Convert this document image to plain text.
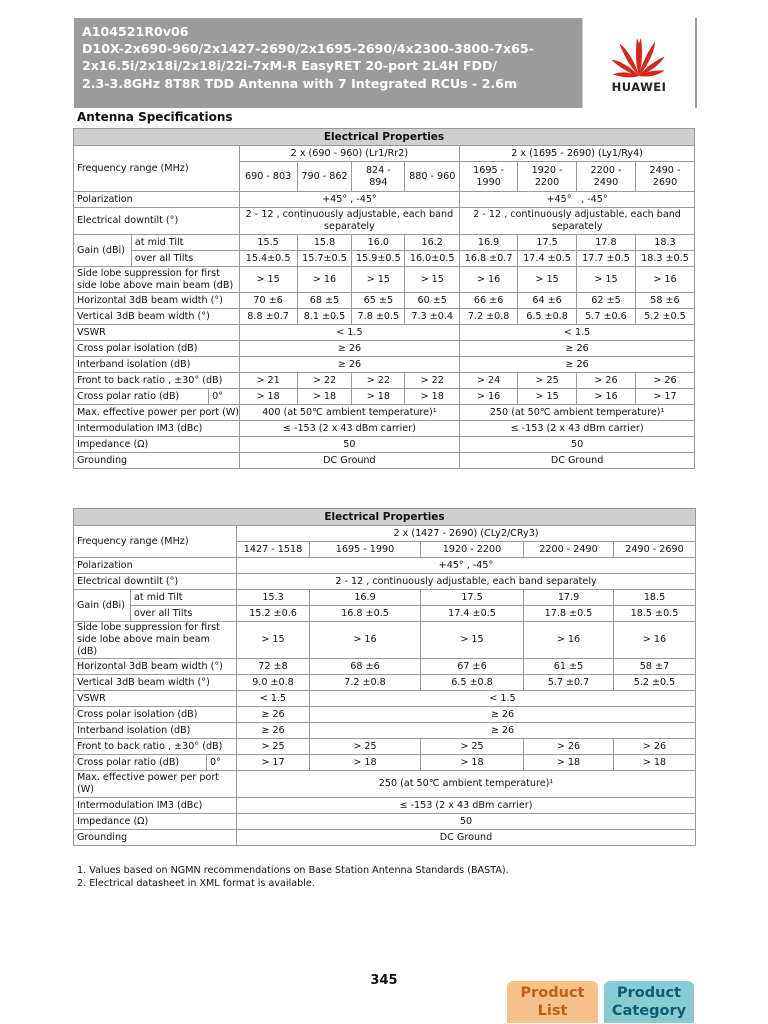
A104521R0v06
D10X-2x690-960/2x1427-2690/2x1695-2690/4x2300-3800-7x65-
2x16.5i/2x18i/2x18i/22i-7xM-R EasyRET 20-port 2L4H FDD/
2.3-3.8GHz 8T8R TDD Antenna with 7 Integrated RCUs - 2.6m	HUAWEI
Antenna Specifications
Electrical Properties										
Frequency range (MHz)			2 x (690 - 960) (Lr1/Rr2)				2 x (1695 - 2690) (Ly1/Ry4)			
			690 - 803	790 - 862	824 - 894	880 - 960	1695 - 1990	1920 - 2200	2200 - 2490	2490 - 2690
Polarization			+45° , -45°				+45°　, -45°			
Electrical downtilt (°)			2 - 12 , continuously adjustable, each band separately				2 - 12 , continuously adjustable, each band separately			
Gain (dBi)	at mid Tilt		15.5	15.8	16.0	16.2	16.9	17.5	17.8	18.3
	over all Tilts		15.4±0.5	15.7±0.5	15.9±0.5	16.0±0.5	16.8 ±0.7	17.4 ±0.5	17.7 ±0.5	18.3 ±0.5
Side lobe suppression for first side lobe above main beam (dB)			> 15	> 16	> 15	> 15	> 16	> 15	> 15	> 16
Horizontal 3dB beam width (°)			70 ±6	68 ±5	65 ±5	60 ±5	66 ±6	64 ±6	62 ±5	58 ±6
Vertical 3dB beam width (°)			8.8 ±0.7	8.1 ±0.5	7.8 ±0.5	7.3 ±0.4	7.2 ±0.8	6.5 ±0.8	5.7 ±0.6	5.2 ±0.5
VSWR			< 1.5				< 1.5			
Cross polar isolation (dB)			≥ 26				≥ 26			
Interband isolation (dB)			≥ 26				≥ 26			
Front to back ratio , ±30° (dB)			> 21	> 22	> 22	> 22	> 24	> 25	> 26	> 26
Cross polar ratio (dB)		0°	> 18	> 18	> 18	> 18	> 16	> 15	> 16	> 17
Max. effective power per port (W)			400 (at 50℃ ambient temperature)¹				250 (at 50℃ ambient temperature)¹			
Intermodulation IM3 (dBc)			≤ -153 (2 x 43 dBm carrier)				≤ -153 (2 x 43 dBm carrier)			
Impedance (Ω)			50				50			
Grounding			DC Ground				DC Ground			
Electrical Properties							
Frequency range (MHz)			2 x (1427 - 2690) (CLy2/CRy3)				
			1427 - 1518	1695 - 1990	1920 - 2200	2200 - 2490	2490 - 2690
Polarization			+45° , -45°				
Electrical downtilt (°)			2 - 12 , continuously adjustable, each band separately				
Gain (dBi)	at mid Tilt		15.3	16.9	17.5	17.9	18.5
	over all Tilts		15.2 ±0.6	16.8 ±0.5	17.4 ±0.5	17.8 ±0.5	18.5 ±0.5
Side lobe suppression for first side lobe above main beam (dB)			> 15	> 16	> 15	> 16	> 16
Horizontal 3dB beam width (°)			72 ±8	68 ±6	67 ±6	61 ±5	58 ±7
Vertical 3dB beam width (°)			9.0 ±0.8	7.2 ±0.8	6.5 ±0.8	5.7 ±0.7	5.2 ±0.5
VSWR			< 1.5	< 1.5			
Cross polar isolation (dB)			≥ 26	≥ 26			
Interband isolation (dB)			≥ 26	≥ 26			
Front to back ratio , ±30° (dB)			> 25	> 25	> 25	> 26	> 26
Cross polar ratio (dB)		0°	> 17	> 18	> 18	> 18	> 18
Max. effective power per port (W)			250 (at 50℃ ambient temperature)¹				
Intermodulation IM3 (dBc)			≤ -153 (2 x 43 dBm carrier)				
Impedance (Ω)			50				
Grounding			DC Ground				
1. Values based on NGMN recommendations on Base Station Antenna Standards (BASTA).
2. Electrical datasheet in XML format is available.
345
Product
List
Product
Category
